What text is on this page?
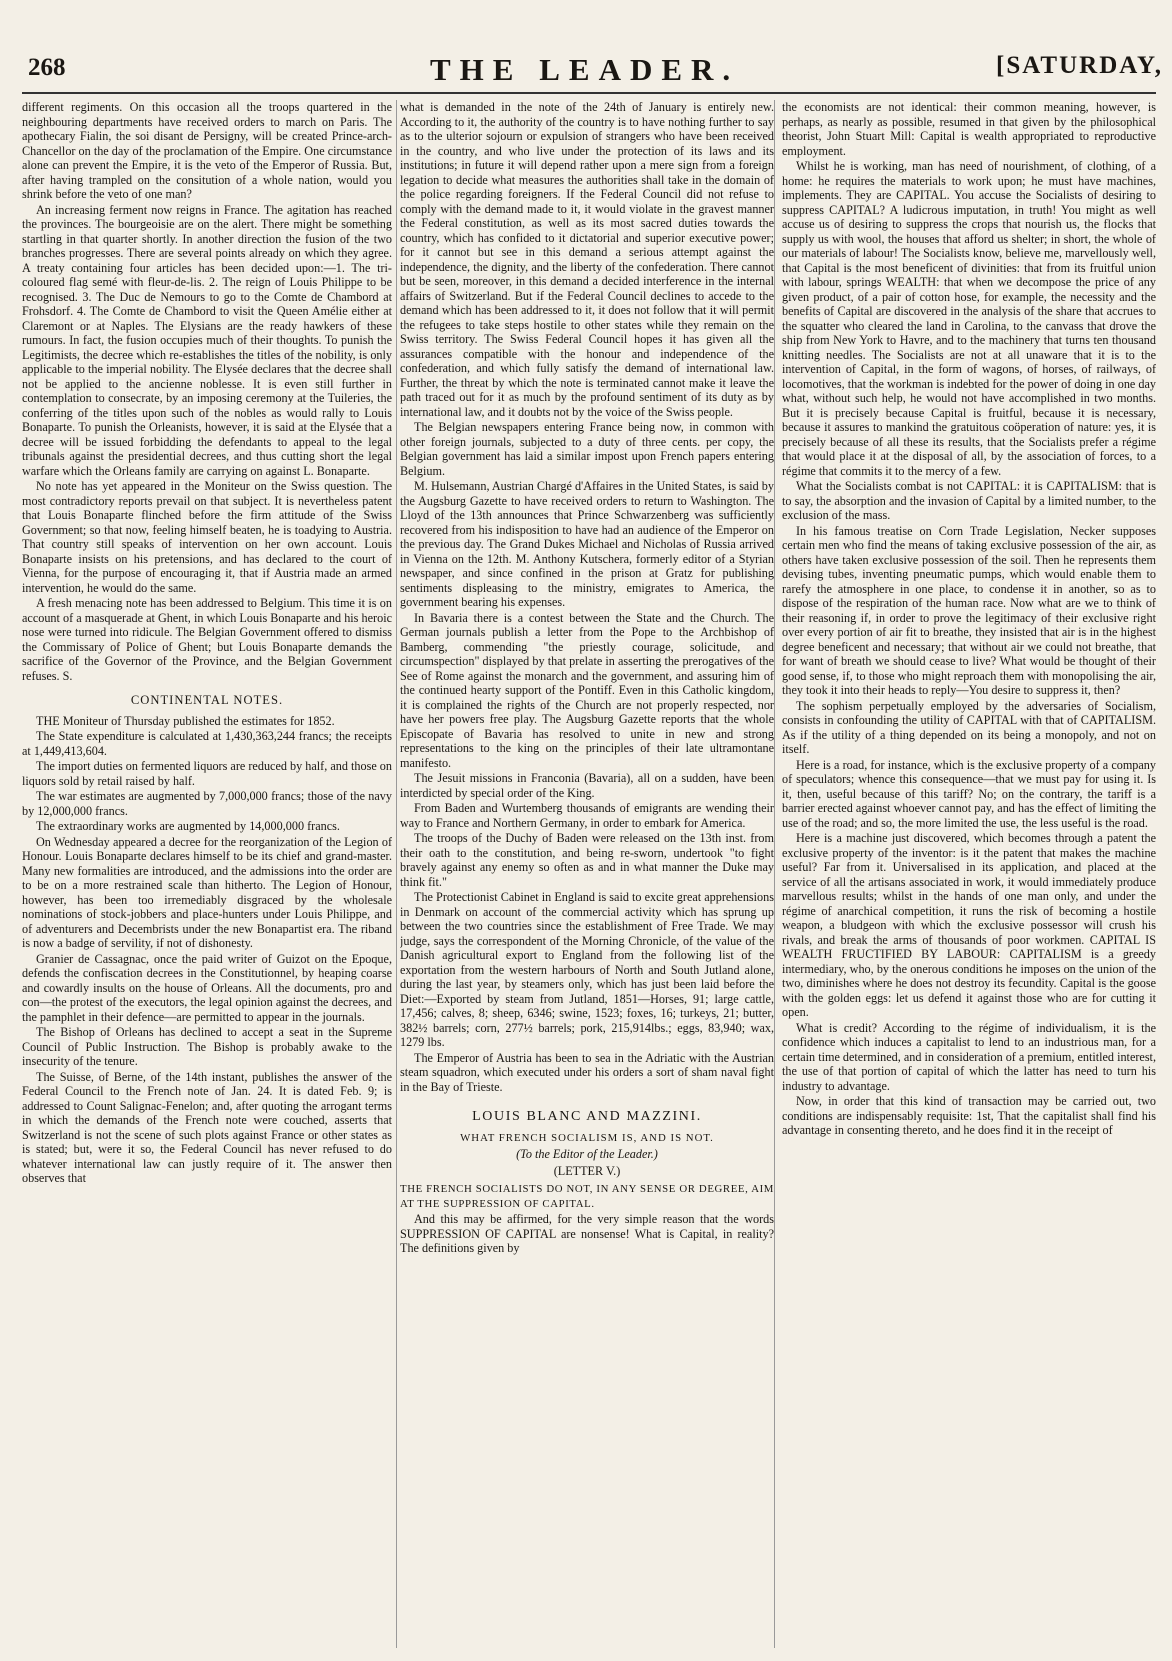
268	THE LEADER.	[SATURDAY,

different regiments. On this occasion all the troops quartered in the neighbouring departments have received orders to march on Paris. The apothecary Fialin, the soi disant de Persigny, will be created Prince-arch-Chancellor on the day of the proclamation of the Empire. One circumstance alone can prevent the Empire, it is the veto of the Emperor of Russia. But, after having trampled on the consitution of a whole nation, would you shrink before the veto of one man?

An increasing ferment now reigns in France. The agitation has reached the provinces. The bourgeoisie are on the alert. There might be something startling in that quarter shortly. In another direction the fusion of the two branches progresses. There are several points already on which they agree. A treaty containing four articles has been decided upon:—1. The tri-coloured flag semé with fleur-de-lis. 2. The reign of Louis Philippe to be recognised. 3. The Duc de Nemours to go to the Comte de Chambord at Frohsdorf. 4. The Comte de Chambord to visit the Queen Amélie either at Claremont or at Naples. The Elysians are the ready hawkers of these rumours. In fact, the fusion occupies much of their thoughts. To punish the Legitimists, the decree which re-establishes the titles of the nobility, is only applicable to the imperial nobility. The Elysée declares that the decree shall not be applied to the ancienne noblesse. It is even still further in contemplation to consecrate, by an imposing ceremony at the Tuileries, the conferring of the titles upon such of the nobles as would rally to Louis Bonaparte. To punish the Orleanists, however, it is said at the Elysée that a decree will be issued forbidding the defendants to appeal to the legal tribunals against the presidential decrees, and thus cutting short the legal warfare which the Orleans family are carrying on against L. Bonaparte.

No note has yet appeared in the Moniteur on the Swiss question. The most contradictory reports prevail on that subject. It is nevertheless patent that Louis Bonaparte flinched before the firm attitude of the Swiss Government; so that now, feeling himself beaten, he is toadying to Austria. That country still speaks of intervention on her own account. Louis Bonaparte insists on his pretensions, and has declared to the court of Vienna, for the purpose of encouraging it, that if Austria made an armed intervention, he would do the same.

A fresh menacing note has been addressed to Belgium. This time it is on account of a masquerade at Ghent, in which Louis Bonaparte and his heroic nose were turned into ridicule. The Belgian Government offered to dismiss the Commissary of Police of Ghent; but Louis Bonaparte demands the sacrifice of the Governor of the Province, and the Belgian Government refuses. S.

CONTINENTAL NOTES.

THE Moniteur of Thursday published the estimates for 1852.

The State expenditure is calculated at 1,430,363,244 francs; the receipts at 1,449,413,604.

The import duties on fermented liquors are reduced by half, and those on liquors sold by retail raised by half.

The war estimates are augmented by 7,000,000 francs; those of the navy by 12,000,000 francs.

The extraordinary works are augmented by 14,000,000 francs.

On Wednesday appeared a decree for the reorganization of the Legion of Honour. Louis Bonaparte declares himself to be its chief and grand-master. Many new formalities are introduced, and the admissions into the order are to be on a more restrained scale than hitherto. The Legion of Honour, however, has been too irremediably disgraced by the wholesale nominations of stock-jobbers and place-hunters under Louis Philippe, and of adventurers and Decembrists under the new Bonapartist era. The riband is now a badge of servility, if not of dishonesty.

Granier de Cassagnac, once the paid writer of Guizot on the Epoque, defends the confiscation decrees in the Constitutionnel, by heaping coarse and cowardly insults on the house of Orleans. All the documents, pro and con—the protest of the executors, the legal opinion against the decrees, and the pamphlet in their defence—are permitted to appear in the journals.

The Bishop of Orleans has declined to accept a seat in the Supreme Council of Public Instruction. The Bishop is probably awake to the insecurity of the tenure.

The Suisse, of Berne, of the 14th instant, publishes the answer of the Federal Council to the French note of Jan. 24. It is dated Feb. 9; is addressed to Count Salignac-Fenelon; and, after quoting the arrogant terms in which the demands of the French note were couched, asserts that Switzerland is not the scene of such plots against France or other states as is stated; but, were it so, the Federal Council has never refused to do whatever international law can justly require of it. The answer then observes that

what is demanded in the note of the 24th of January is entirely new. According to it, the authority of the country is to have nothing further to say as to the ulterior sojourn or expulsion of strangers who have been received in the country, and who live under the protection of its laws and its institutions; in future it will depend rather upon a mere sign from a foreign legation to decide what measures the authorities shall take in the domain of the police regarding foreigners. If the Federal Council did not refuse to comply with the demand made to it, it would violate in the gravest manner the Federal constitution, as well as its most sacred duties towards the country, which has confided to it dictatorial and superior executive power; for it cannot but see in this demand a serious attempt against the independence, the dignity, and the liberty of the confederation. There cannot but be seen, moreover, in this demand a decided interference in the internal affairs of Switzerland. But if the Federal Council declines to accede to the demand which has been addressed to it, it does not follow that it will permit the refugees to take steps hostile to other states while they remain on the Swiss territory. The Swiss Federal Council hopes it has given all the assurances compatible with the honour and independence of the confederation, and which fully satisfy the demand of international law. Further, the threat by which the note is terminated cannot make it leave the path traced out for it as much by the profound sentiment of its duty as by international law, and it doubts not by the voice of the Swiss people.

The Belgian newspapers entering France being now, in common with other foreign journals, subjected to a duty of three cents. per copy, the Belgian government has laid a similar impost upon French papers entering Belgium.

M. Hulsemann, Austrian Chargé d'Affaires in the United States, is said by the Augsburg Gazette to have received orders to return to Washington. The Lloyd of the 13th announces that Prince Schwarzenberg was sufficiently recovered from his indisposition to have had an audience of the Emperor on the previous day. The Grand Dukes Michael and Nicholas of Russia arrived in Vienna on the 12th. M. Anthony Kutschera, formerly editor of a Styrian newspaper, and since confined in the prison at Gratz for publishing sentiments displeasing to the ministry, emigrates to America, the government bearing his expenses.

In Bavaria there is a contest between the State and the Church. The German journals publish a letter from the Pope to the Archbishop of Bamberg, commending "the priestly courage, solicitude, and circumspection" displayed by that prelate in asserting the prerogatives of the See of Rome against the monarch and the government, and assuring him of the continued hearty support of the Pontiff. Even in this Catholic kingdom, it is complained the rights of the Church are not properly respected, nor have her powers free play. The Augsburg Gazette reports that the whole Episcopate of Bavaria has resolved to unite in new and strong representations to the king on the principles of their late ultramontane manifesto.

The Jesuit missions in Franconia (Bavaria), all on a sudden, have been interdicted by special order of the King.

From Baden and Wurtemberg thousands of emigrants are wending their way to France and Northern Germany, in order to embark for America.

The troops of the Duchy of Baden were released on the 13th inst. from their oath to the constitution, and being re-sworn, undertook "to fight bravely against any enemy so often as and in what manner the Duke may think fit."

The Protectionist Cabinet in England is said to excite great apprehensions in Denmark on account of the commercial activity which has sprung up between the two countries since the establishment of Free Trade. We may judge, says the correspondent of the Morning Chronicle, of the value of the Danish agricultural export to England from the following list of the exportation from the western harbours of North and South Jutland alone, during the last year, by steamers only, which has just been laid before the Diet:—Exported by steam from Jutland, 1851—Horses, 91; large cattle, 17,456; calves, 8; sheep, 6346; swine, 1523; foxes, 16; turkeys, 21; butter, 382½ barrels; corn, 277½ barrels; pork, 215,914lbs.; eggs, 83,940; wax, 1279 lbs.

The Emperor of Austria has been to sea in the Adriatic with the Austrian steam squadron, which executed under his orders a sort of sham naval fight in the Bay of Trieste.

LOUIS BLANC AND MAZZINI.
WHAT FRENCH SOCIALISM IS, AND IS NOT.
(To the Editor of the Leader.)
(LETTER V.)

THE FRENCH SOCIALISTS DO NOT, IN ANY SENSE OR DEGREE, AIM AT THE SUPPRESSION OF CAPITAL.

And this may be affirmed, for the very simple reason that the words SUPPRESSION OF CAPITAL are nonsense! What is Capital, in reality? The definitions given by

the economists are not identical: their common meaning, however, is perhaps, as nearly as possible, resumed in that given by the philosophical theorist, John Stuart Mill: Capital is wealth appropriated to reproductive employment.

Whilst he is working, man has need of nourishment, of clothing, of a home: he requires the materials to work upon; he must have machines, implements. They are CAPITAL. You accuse the Socialists of desiring to suppress CAPITAL? A ludicrous imputation, in truth! You might as well accuse us of desiring to suppress the crops that nourish us, the flocks that supply us with wool, the houses that afford us shelter; in short, the whole of our materials of labour! The Socialists know, believe me, marvellously well, that Capital is the most beneficent of divinities: that from its fruitful union with labour, springs WEALTH: that when we decompose the price of any given product, of a pair of cotton hose, for example, the necessity and the benefits of Capital are discovered in the analysis of the share that accrues to the squatter who cleared the land in Carolina, to the canvass that drove the ship from New York to Havre, and to the machinery that turns ten thousand knitting needles. The Socialists are not at all unaware that it is to the intervention of Capital, in the form of wagons, of horses, of railways, of locomotives, that the workman is indebted for the power of doing in one day what, without such help, he would not have accomplished in two months. But it is precisely because Capital is fruitful, because it is necessary, because it assures to mankind the gratuitous coöperation of nature: yes, it is precisely because of all these its results, that the Socialists prefer a régime that would place it at the disposal of all, by the association of forces, to a régime that commits it to the mercy of a few.

What the Socialists combat is not CAPITAL: it is CAPITALISM: that is to say, the absorption and the invasion of Capital by a limited number, to the exclusion of the mass.

In his famous treatise on Corn Trade Legislation, Necker supposes certain men who find the means of taking exclusive possession of the air, as others have taken exclusive possession of the soil. Then he represents them devising tubes, inventing pneumatic pumps, which would enable them to rarefy the atmosphere in one place, to condense it in another, so as to dispose of the respiration of the human race. Now what are we to think of their reasoning if, in order to prove the legitimacy of their exclusive right over every portion of air fit to breathe, they insisted that air is in the highest degree beneficent and necessary; that without air we could not breathe, that for want of breath we should cease to live? What would be thought of their good sense, if, to those who might reproach them with monopolising the air, they took it into their heads to reply—You desire to suppress it, then?

The sophism perpetually employed by the adversaries of Socialism, consists in confounding the utility of CAPITAL with that of CAPITALISM. As if the utility of a thing depended on its being a monopoly, and not on itself.

Here is a road, for instance, which is the exclusive property of a company of speculators; whence this consequence—that we must pay for using it. Is it, then, useful because of this tariff? No; on the contrary, the tariff is a barrier erected against whoever cannot pay, and has the effect of limiting the use of the road; and so, the more limited the use, the less useful is the road.

Here is a machine just discovered, which becomes through a patent the exclusive property of the inventor: is it the patent that makes the machine useful? Far from it. Universalised in its application, and placed at the service of all the artisans associated in work, it would immediately produce marvellous results; whilst in the hands of one man only, and under the régime of anarchical competition, it runs the risk of becoming a hostile weapon, a bludgeon with which the exclusive possessor will crush his rivals, and break the arms of thousands of poor workmen. CAPITAL IS WEALTH FRUCTIFIED BY LABOUR: CAPITALISM is a greedy intermediary, who, by the onerous conditions he imposes on the union of the two, diminishes where he does not destroy its fecundity. Capital is the goose with the golden eggs: let us defend it against those who are for cutting it open.

What is credit? According to the régime of individualism, it is the confidence which induces a capitalist to lend to an industrious man, for a certain time determined, and in consideration of a premium, entitled interest, the use of that portion of capital of which the latter has need to turn his industry to advantage.

Now, in order that this kind of transaction may be carried out, two conditions are indispensably requisite: 1st, That the capitalist shall find his advantage in consenting thereto, and he does find it in the receipt of
